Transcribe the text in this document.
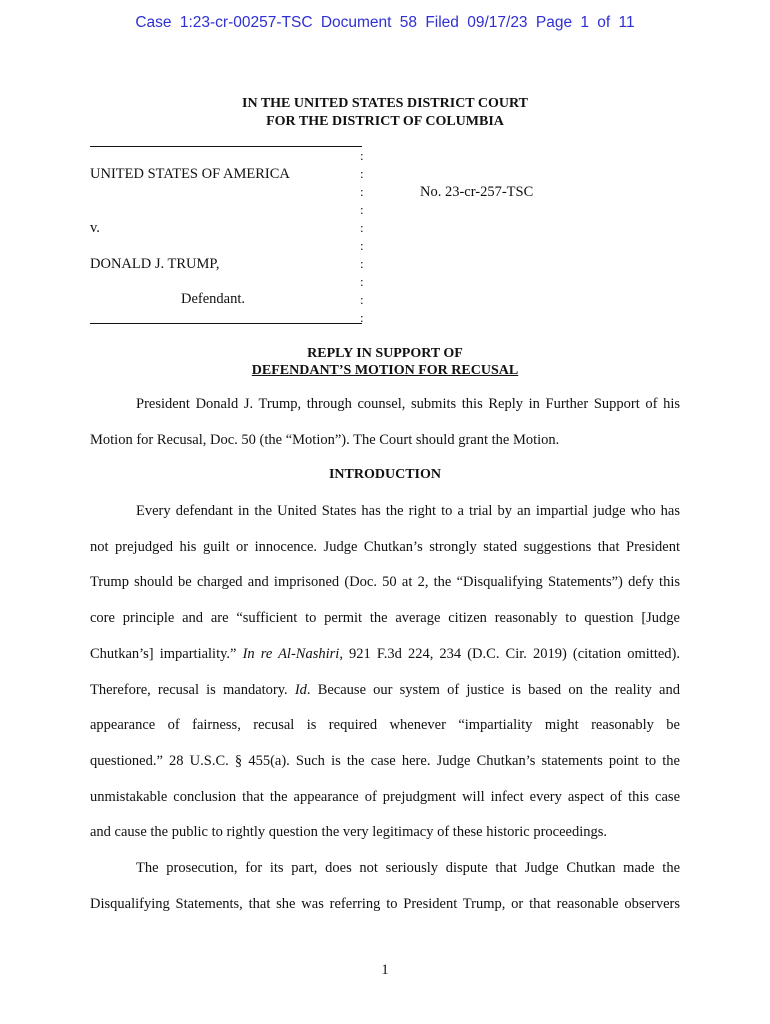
Case 1:23-cr-00257-TSC Document 58 Filed 09/17/23 Page 1 of 11
IN THE UNITED STATES DISTRICT COURT
FOR THE DISTRICT OF COLUMBIA
UNITED STATES OF AMERICA
v.
DONALD J. TRUMP,
Defendant.
No. 23-cr-257-TSC
:
:
:
:
:
:
:
:
:
:
REPLY IN SUPPORT OF
DEFENDANT’S MOTION FOR RECUSAL
President Donald J. Trump, through counsel, submits this Reply in Further Support of his
Motion for Recusal, Doc. 50 (the “Motion”). The Court should grant the Motion.
INTRODUCTION
Every defendant in the United States has the right to a trial by an impartial judge who has
not prejudged his guilt or innocence. Judge Chutkan’s strongly stated suggestions that President
Trump should be charged and imprisoned (Doc. 50 at 2, the “Disqualifying Statements”) defy this
core principle and are “sufficient to permit the average citizen reasonably to question [Judge
Chutkan’s] impartiality.” In re Al-Nashiri, 921 F.3d 224, 234 (D.C. Cir. 2019) (citation omitted).
Therefore, recusal is mandatory. Id. Because our system of justice is based on the reality and
appearance of fairness, recusal is required whenever “impartiality might reasonably be
questioned.” 28 U.S.C. § 455(a). Such is the case here. Judge Chutkan’s statements point to the
unmistakable conclusion that the appearance of prejudgment will infect every aspect of this case
and cause the public to rightly question the very legitimacy of these historic proceedings.
The prosecution, for its part, does not seriously dispute that Judge Chutkan made the
Disqualifying Statements, that she was referring to President Trump, or that reasonable observers
1
